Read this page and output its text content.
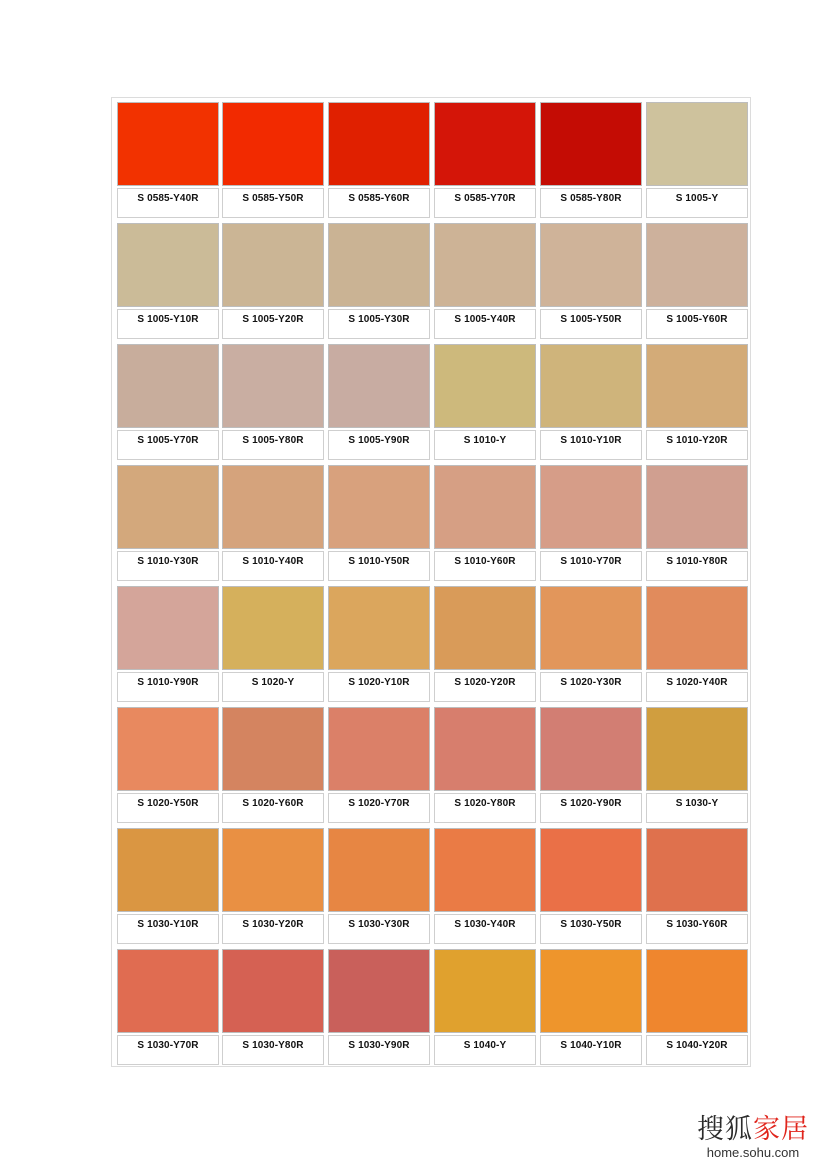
S 0585-Y40R	S 0585-Y50R	S 0585-Y60R	S 0585-Y70R	S 0585-Y80R	S 1005-Y
S 1005-Y10R	S 1005-Y20R	S 1005-Y30R	S 1005-Y40R	S 1005-Y50R	S 1005-Y60R
S 1005-Y70R	S 1005-Y80R	S 1005-Y90R	S 1010-Y	S 1010-Y10R	S 1010-Y20R
S 1010-Y30R	S 1010-Y40R	S 1010-Y50R	S 1010-Y60R	S 1010-Y70R	S 1010-Y80R
S 1010-Y90R	S 1020-Y	S 1020-Y10R	S 1020-Y20R	S 1020-Y30R	S 1020-Y40R
S 1020-Y50R	S 1020-Y60R	S 1020-Y70R	S 1020-Y80R	S 1020-Y90R	S 1030-Y
S 1030-Y10R	S 1030-Y20R	S 1030-Y30R	S 1030-Y40R	S 1030-Y50R	S 1030-Y60R
S 1030-Y70R	S 1030-Y80R	S 1030-Y90R	S 1040-Y	S 1040-Y10R	S 1040-Y20R
搜狐家居
home.sohu.com
